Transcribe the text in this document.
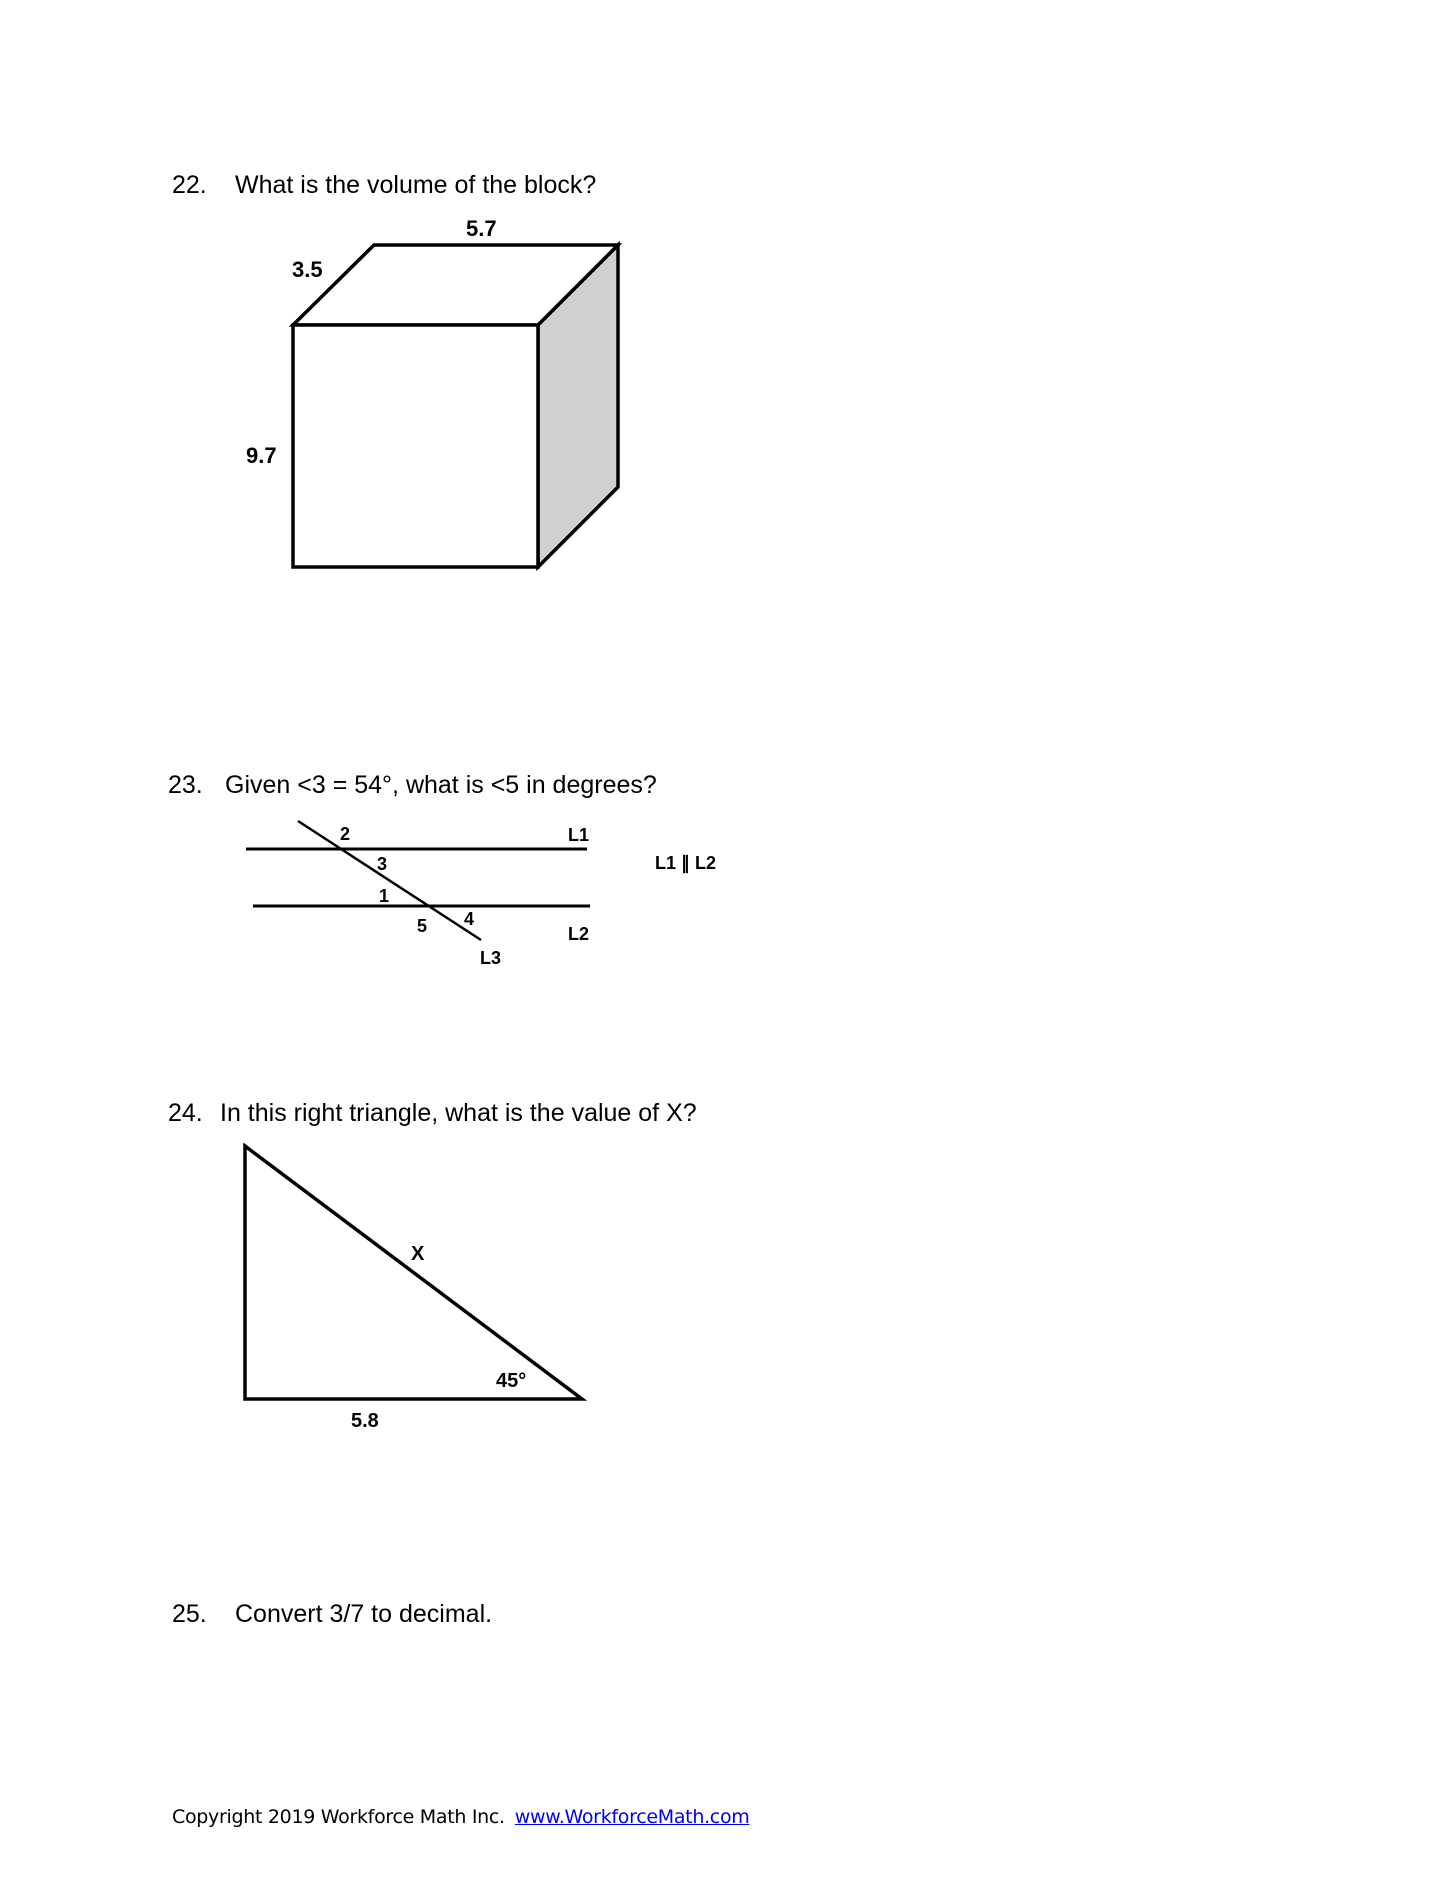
22. What is the volume of the block?
23. Given <3 = 54°, what is <5 in degrees?
24. In this right triangle, what is the value of X?
25. Convert 3/7 to decimal.
5.7
3.5
9.7
2
3
1
5 4
L1
L2
L3
L1 ∥ L2
X
45°
5.8
Copyright 2019 Workforce Math Inc. www.WorkforceMath.com
